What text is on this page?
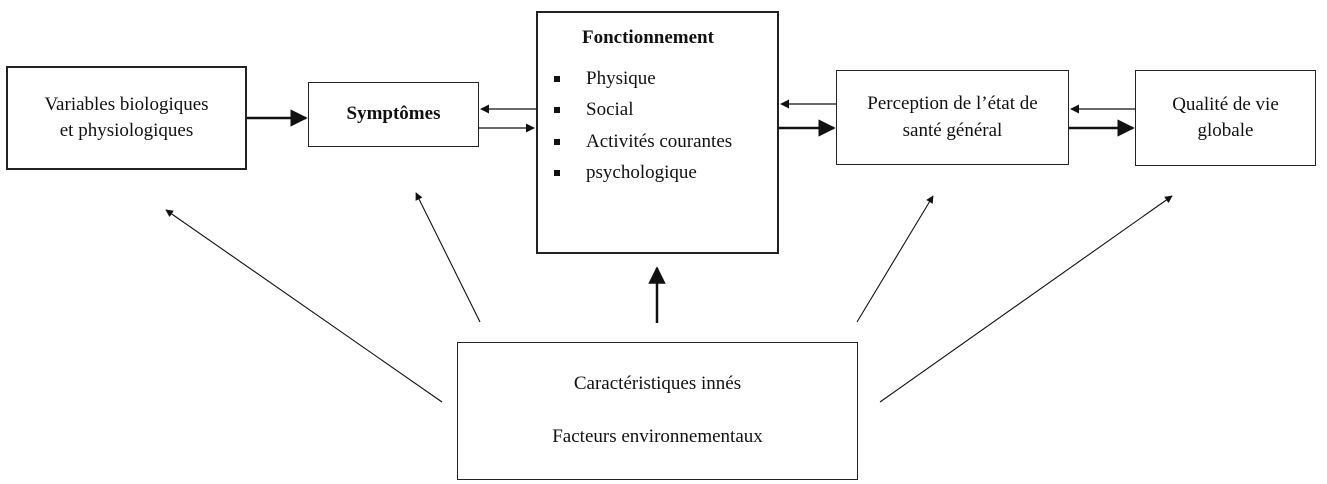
Variables biologiques
et physiologiques
Symptômes
Fonctionnement
Physique
Social
Activités courantes
psychologique
Perception de l’état de
santé général
Qualité de vie
globale
Caractéristiques innés
Facteurs environnementaux
